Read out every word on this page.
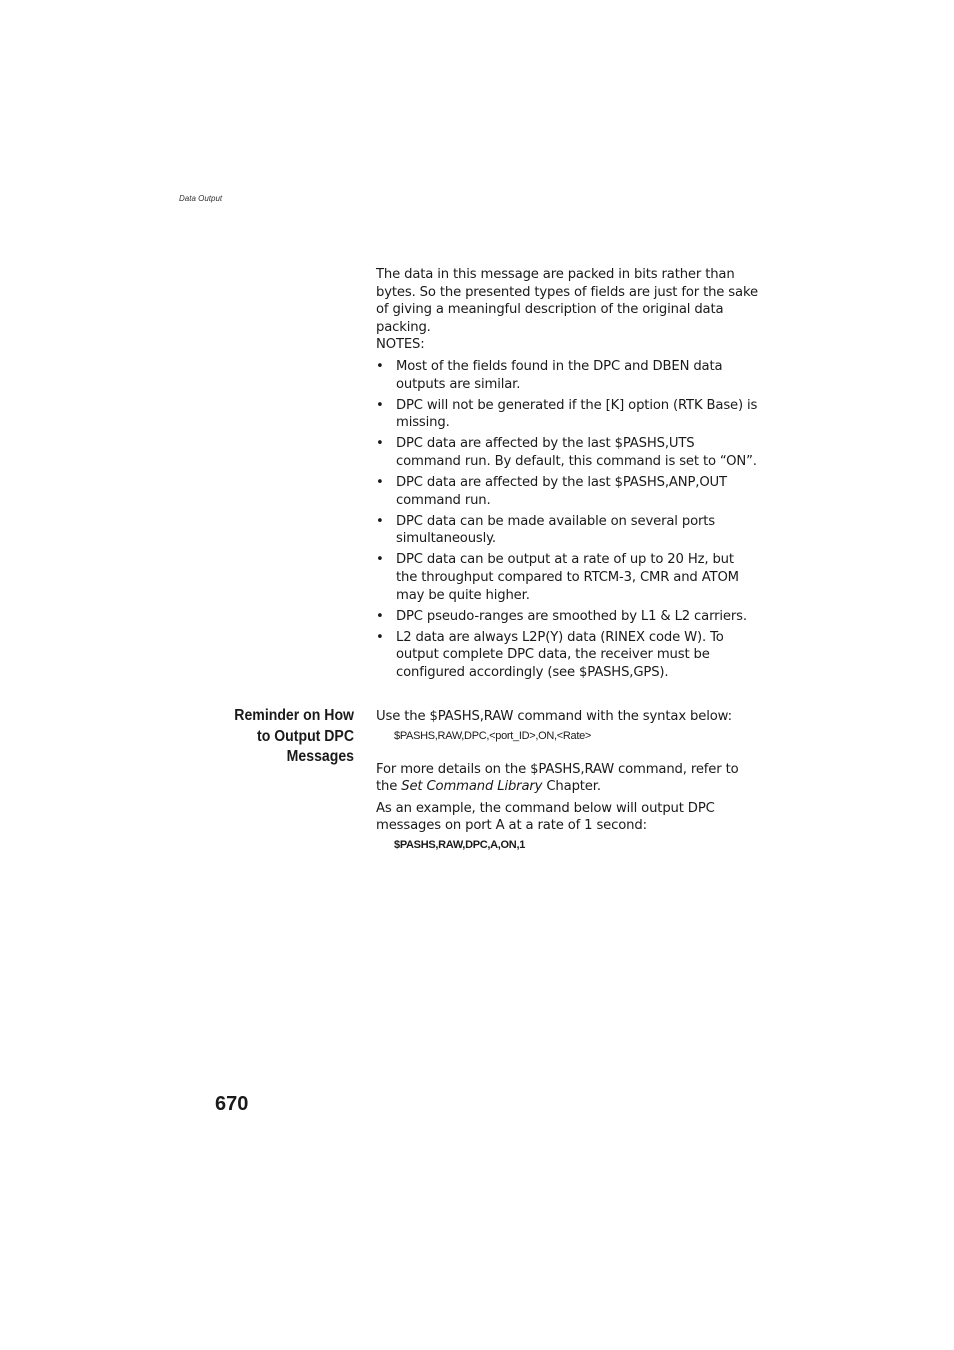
Data Output

The data in this message are packed in bits rather than bytes. So the presented types of fields are just for the sake of giving a meaningful description of the original data packing.

NOTES:

• Most of the fields found in the DPC and DBEN data outputs are similar.
• DPC will not be generated if the [K] option (RTK Base) is missing.
• DPC data are affected by the last $PASHS,UTS command run. By default, this command is set to “ON”.
• DPC data are affected by the last $PASHS,ANP,OUT command run.
• DPC data can be made available on several ports simultaneously.
• DPC data can be output at a rate of up to 20 Hz, but the throughput compared to RTCM-3, CMR and ATOM may be quite higher.
• DPC pseudo-ranges are smoothed by L1 & L2 carriers.
• L2 data are always L2P(Y) data (RINEX code W). To output complete DPC data, the receiver must be configured accordingly (see $PASHS,GPS).
Reminder on How
to Output DPC
Messages

Use the $PASHS,RAW command with the syntax below:

$PASHS,RAW,DPC,<port_ID>,ON,<Rate>

For more details on the $PASHS,RAW command, refer to the Set Command Library Chapter.

As an example, the command below will output DPC messages on port A at a rate of 1 second:

$PASHS,RAW,DPC,A,ON,1

670
